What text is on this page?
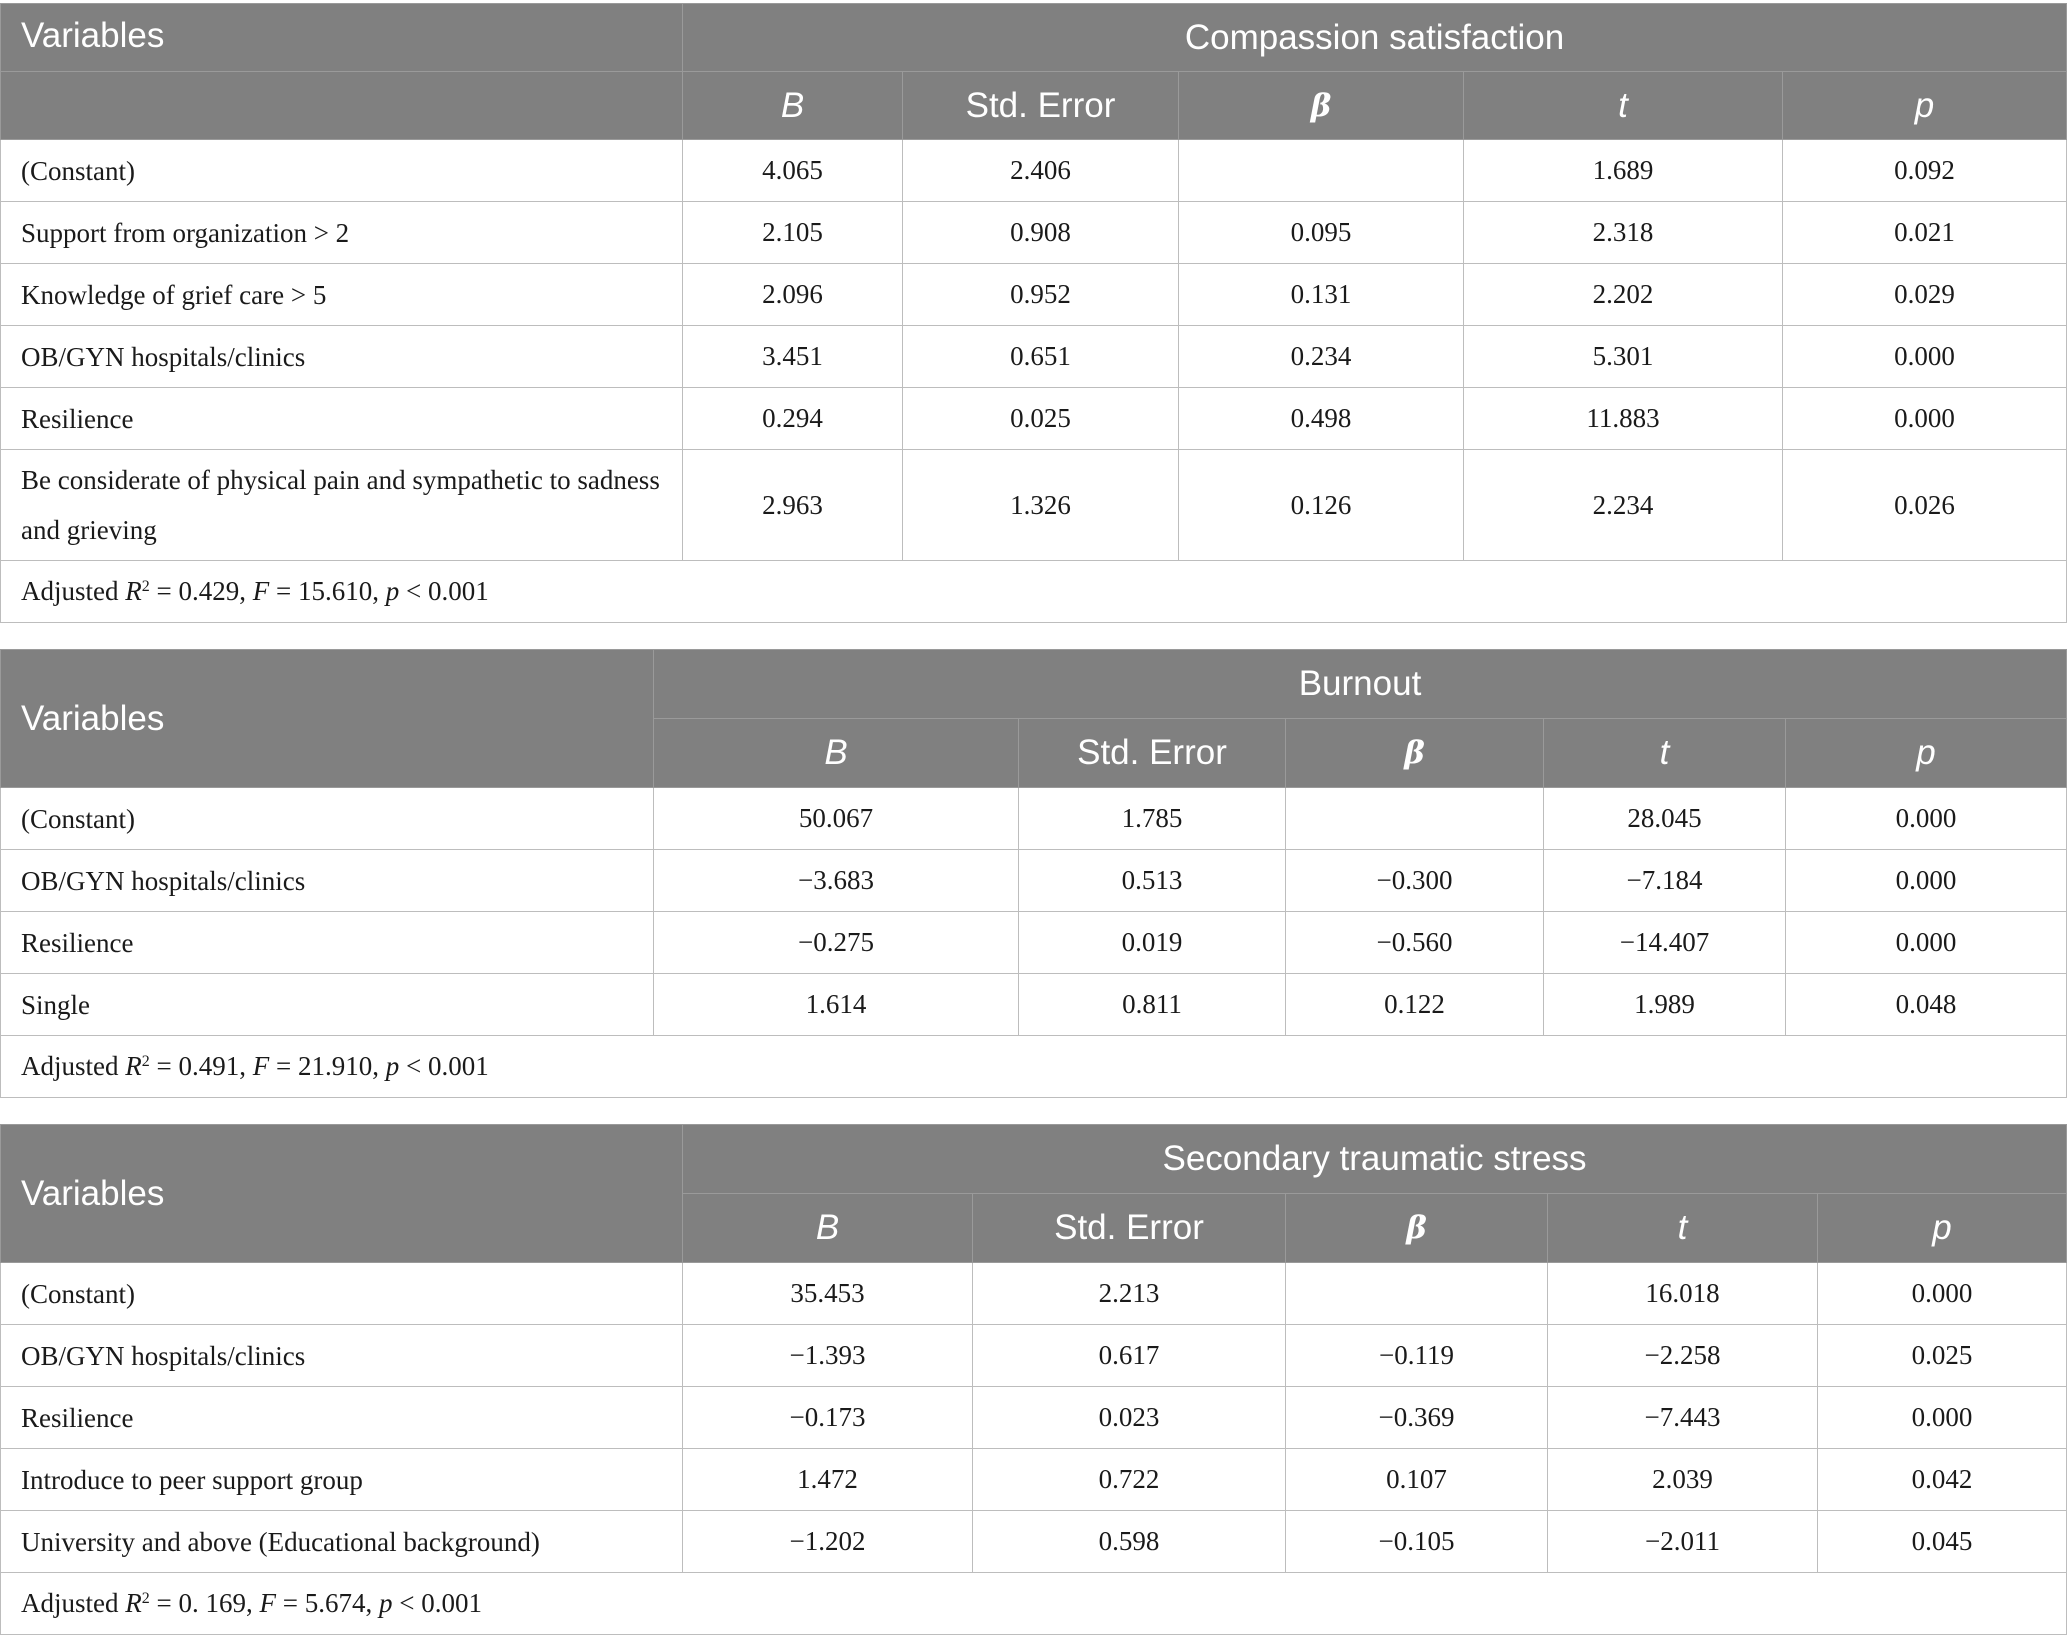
Variables	Compassion satisfaction				
	B	Std. Error	β	t	p
(Constant)	4.065	2.406		1.689	0.092
Support from organization > 2	2.105	0.908	0.095	2.318	0.021
Knowledge of grief care > 5	2.096	0.952	0.131	2.202	0.029
OB/GYN hospitals/clinics	3.451	0.651	0.234	5.301	0.000
Resilience	0.294	0.025	0.498	11.883	0.000
Be considerate of physical pain and sympathetic to sadness and grieving	2.963	1.326	0.126	2.234	0.026
Adjusted $R^2 = 0.429$, F = 15.610, p < 0.001					
Variables	Burnout				
	B	Std. Error	β	t	p
(Constant)	50.067	1.785		28.045	0.000
OB/GYN hospitals/clinics	−3.683	0.513	−0.300	−7.184	0.000
Resilience	−0.275	0.019	−0.560	−14.407	0.000
Single	1.614	0.811	0.122	1.989	0.048
Adjusted $R^2 = 0.491$, F = 21.910, p < 0.001					
Variables	Secondary traumatic stress				
	B	Std. Error	β	t	p
(Constant)	35.453	2.213		16.018	0.000
OB/GYN hospitals/clinics	−1.393	0.617	−0.119	−2.258	0.025
Resilience	−0.173	0.023	−0.369	−7.443	0.000
Introduce to peer support group	1.472	0.722	0.107	2.039	0.042
University and above (Educational background)	−1.202	0.598	−0.105	−2.011	0.045
Adjusted $R^2 = 0$. 169, F = 5.674, p < 0.001					
